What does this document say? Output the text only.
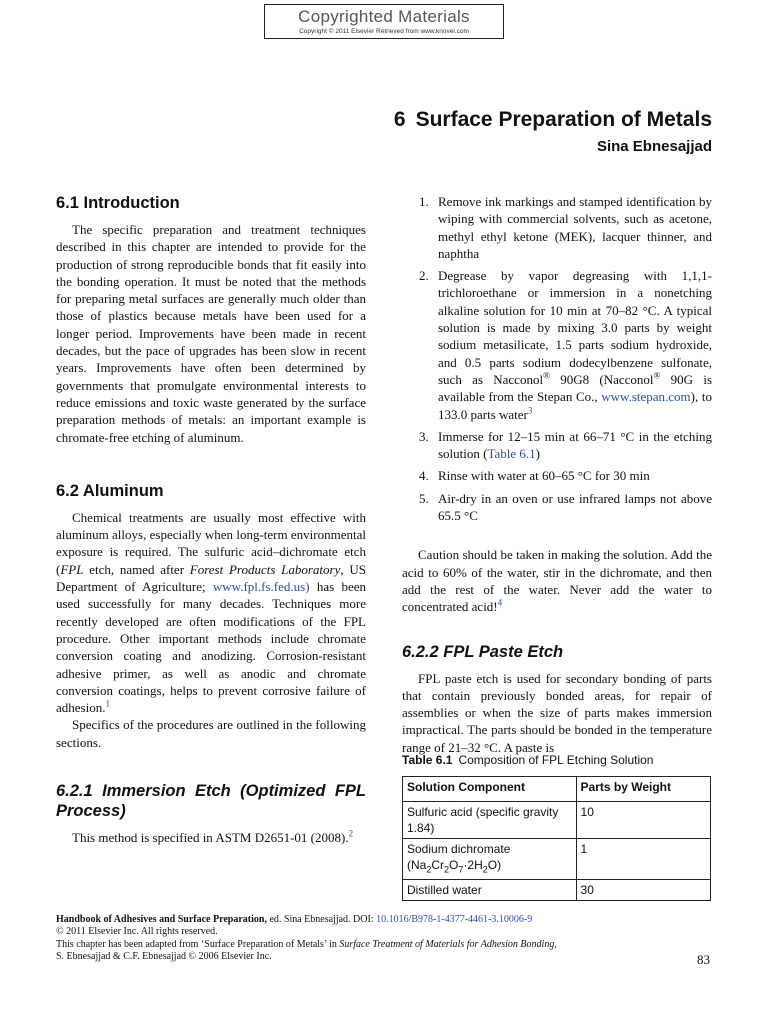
Copyrighted Materials
Copyright © 2011 Elsevier Retrieved from www.knovel.com
6 Surface Preparation of Metals
Sina Ebnesajjad
6.1 Introduction

The specific preparation and treatment techniques described in this chapter are intended to provide for the production of strong reproducible bonds that fit easily into the bonding operation. It must be noted that the methods for preparing metal surfaces are generally much older than those of plastics because metals have been used for a longer period. Improvements have been made in recent decades, but the pace of upgrades has been slow in recent years. Improvements have often been determined by governments that promulgate environmental interests to reduce emissions and toxic waste generated by the surface preparation methods of metals: an important example is chromate-free etching of aluminum.

6.2 Aluminum

Chemical treatments are usually most effective with aluminum alloys, especially when long-term environmental exposure is required. The sulfuric acid–dichromate etch (FPL etch, named after Forest Products Laboratory, US Department of Agriculture; www.fpl.fs.fed.us) has been used successfully for many decades. Techniques more recently developed are often modifications of the FPL procedure. Other important methods include chromate conversion coating and anodizing. Corrosion-resistant adhesive primer, as well as anodic and chromate conversion coatings, helps to prevent corrosive failure of adhesion.$^1$

Specifics of the procedures are outlined in the following sections.

6.2.1 Immersion Etch (Optimized FPL Process)

This method is specified in ASTM D2651-01 (2008).$^2$

1. Remove ink markings and stamped identification by wiping with commercial solvents, such as acetone, methyl ethyl ketone (MEK), lacquer thinner, and naphtha
2. Degrease by vapor degreasing with 1,1,1-trichloroethane or immersion in a nonetching alkaline solution for 10 min at 70–82 °C. A typical solution is made by mixing 3.0 parts by weight sodium metasilicate, 1.5 parts sodium hydroxide, and 0.5 parts sodium dodecylbenzene sulfonate, such as Nacconol® 90G8 (Nacconol® 90G is available from the Stepan Co., www.stepan.com), to 133.0 parts water$^3$
3. Immerse for 12–15 min at 66–71 °C in the etching solution (Table 6.1)
4. Rinse with water at 60–65 °C for 30 min
5. Air-dry in an oven or use infrared lamps not above 65.5 °C

Caution should be taken in making the solution. Add the acid to 60% of the water, stir in the dichromate, and then add the rest of the water. Never add the water to concentrated acid!$^4$

6.2.2 FPL Paste Etch

FPL paste etch is used for secondary bonding of parts that contain previously bonded areas, for repair of assemblies or when the size of parts makes immersion impractical. The parts should be bonded in the temperature range of 21–32 °C. A paste is

Table 6.1 Composition of FPL Etching Solution
Solution Component	Parts by Weight
Sulfuric acid (specific gravity 1.84)	10
Sodium dichromate $(Na_2Cr_2O_7\cdot 2H_2O)$	1
Distilled water	30
Handbook of Adhesives and Surface Preparation, ed. Sina Ebnesajjad. DOI: 10.1016/B978-1-4377-4461-3.10006-9
© 2011 Elsevier Inc. All rights reserved.
This chapter has been adapted from ‘Surface Preparation of Metals’ in Surface Treatment of Materials for Adhesion Bonding,
S. Ebnesajjad & C.F. Ebnesajjad © 2006 Elsevier Inc.	83
